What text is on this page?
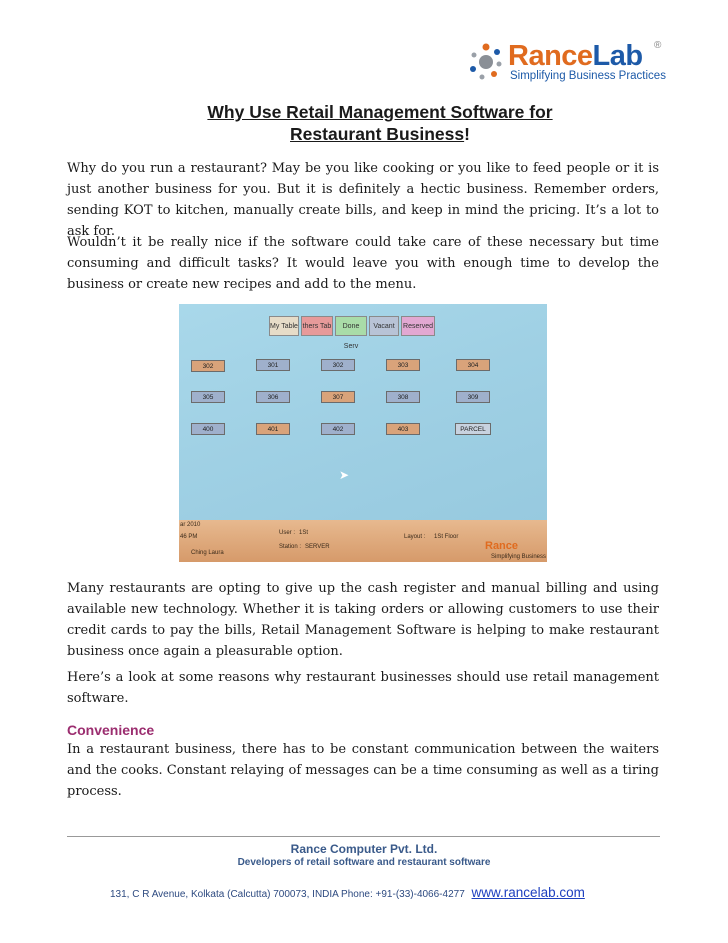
RanceLab ®
Simplifying Business Practices
Why Use Retail Management Software for
Restaurant Business!

Why do you run a restaurant? May be you like cooking or you like to feed people or it is just another business for you. But it is definitely a hectic business. Remember orders, sending KOT to kitchen, manually create bills, and keep in mind the pricing. It’s a lot to ask for.

Wouldn’t it be really nice if the software could take care of these necessary but time consuming and difficult tasks? It would leave you with enough time to develop the business or create new recipes and add to the menu.

My Table thers Tab	Done Serv
Vacant	Reserved
302	301	302	303	304
305	306	307	308	309
400	401	402	403	PARCEL
➤
ar 2010
46 PM
Ching Laura
User : 1St
Station : SERVER
Layout : 1St Floor
Rance
Simplifying Business

Many restaurants are opting to give up the cash register and manual billing and using available new technology. Whether it is taking orders or allowing customers to use their credit cards to pay the bills, Retail Management Software is helping to make restaurant business once again a pleasurable option.

Here’s a look at some reasons why restaurant businesses should use retail management software.

Convenience

In a restaurant business, there has to be constant communication between the waiters and the cooks. Constant relaying of messages can be a time consuming as well as a tiring process.

Rance Computer Pvt. Ltd.
Developers of retail software and restaurant software
131, C R Avenue, Kolkata (Calcutta) 700073, INDIA Phone: +91-(33)-4066-4277 www.rancelab.com
